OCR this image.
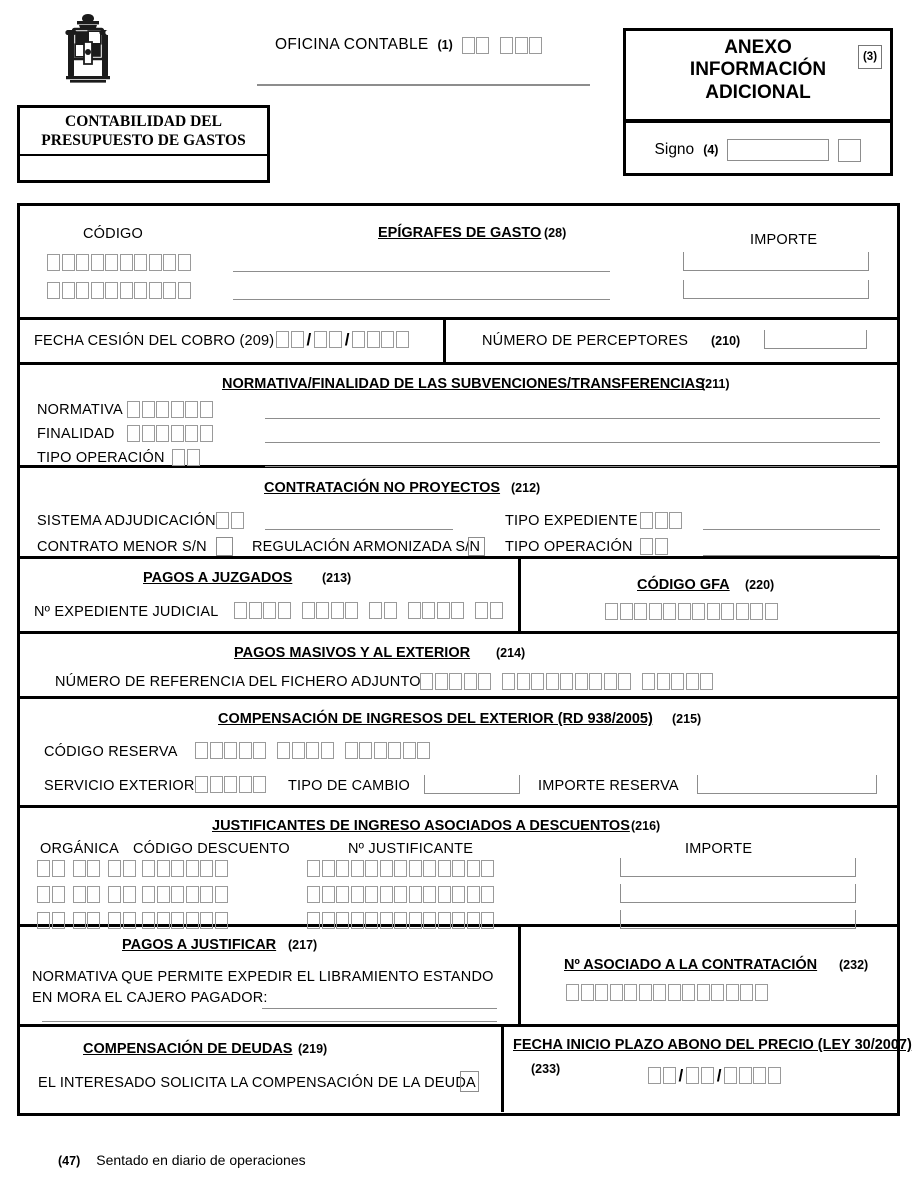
OFICINA CONTABLE (1)
CONTABILIDAD DEL
PRESUPUESTO DE GASTOS
ANEXO
INFORMACIÓN
ADICIONAL
(3)
Signo (4)
CÓDIGO	EPÍGRAFES DE GASTO (28)	IMPORTE
FECHA CESIÓN DEL COBRO (209) / /	NÚMERO DE PERCEPTORES (210)
NORMATIVA/FINALIDAD DE LAS SUBVENCIONES/TRANSFERENCIAS
(211)
NORMATIVA
FINALIDAD
TIPO OPERACIÓN
CONTRATACIÓN NO PROYECTOS (212)
SISTEMA ADJUDICACIÓN	TIPO EXPEDIENTE
CONTRATO MENOR S/N	REGULACIÓN ARMONIZADA S/N TIPO OPERACIÓN
PAGOS A JUZGADOS (213)
Nº EXPEDIENTE JUDICIAL
CÓDIGO GFA (220)
PAGOS MASIVOS Y AL EXTERIOR (214)
NÚMERO DE REFERENCIA DEL FICHERO ADJUNTO
COMPENSACIÓN DE INGRESOS DEL EXTERIOR (RD 938/2005) (215)
CÓDIGO RESERVA
SERVICIO EXTERIOR	TIPO DE CAMBIO	IMPORTE RESERVA
JUSTIFICANTES DE INGRESO ASOCIADOS A DESCUENTOS (216)
ORGÁNICA CÓDIGO DESCUENTO	Nº JUSTIFICANTE	IMPORTE
PAGOS A JUSTIFICAR (217)
NORMATIVA QUE PERMITE EXPEDIR EL LIBRAMIENTO ESTANDO
EN MORA EL CAJERO PAGADOR:
Nº ASOCIADO A LA CONTRATACIÓN (232)
COMPENSACIÓN DE DEUDAS (219)
EL INTERESADO SOLICITA LA COMPENSACIÓN DE LA DEUDA
FECHA INICIO PLAZO ABONO DEL PRECIO (LEY 30/2007)
(233)	/ /
(47) Sentado en diario de operaciones
